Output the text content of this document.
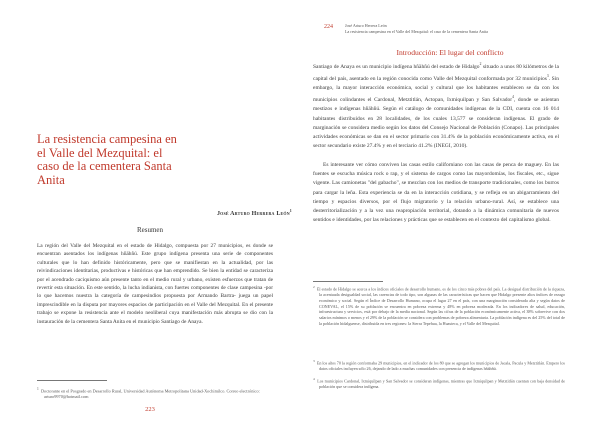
La resistencia campesina en el Valle del Mezquital: el caso de la cementera Santa Anita
José Arturo Herrera León$^1$
Resumen

La región del Valle del Mezquital en el estado de Hidalgo, compuesta por 27 municipios, es donde se encuentran asentados los indígenas hñähñú. Este grupo indígena presenta una serie de componentes culturales que lo han definido históricamente, pero que se manifiestan en la actualidad, por las reivindicaciones identitarias, productivas e históricas que han emprendido. Se bien la entidad se caracteriza por el acendrado caciquismo aún presente tanto en el medio rural y urbano, existen esfuerzos que tratan de revertir esta situación. En este sentido, la lucha indianista, con fuertes componentes de clase campesina -por lo que hacemos nuestra la categoría de campesindios propuesta por Armando Bartra- juega un papel imprescindible en la disputa por mayores espacios de participación en el Valle del Mezquital. En el presente trabajo se expone la resistencia ante el modelo neoliberal cuya manifestación más abrupta se dio con la instauración de la cementera Santa Anita en el municipio Santiago de Anaya.

$^1$ Doctorante en el Posgrado en Desarrollo Rural, Universidad Autónoma Metropolitana Unidad-Xochimilco. Correo electrónico: arturo9970@hotmail.com

223
224	José Arturo Herrera León
La resistencia campesina en el Valle del Mezquital: el caso de la cementera Santa Anita
Introducción: El lugar del conflicto

Santiago de Anaya es un municipio indígena hñähñú del estado de Hidalgo$^2$ situado a unos 80 kilómetros de la capital del país, asentado en la región conocida como Valle del Mezquital conformada por 32 municipios$^3$. Sin embargo, la mayor interacción económica, social y cultural que los habitantes establecen se da con los municipios colindantes el Cardonal, Metztitlán, Actopan, Ixmiquilpan y San Salvador$^4$, donde se asientan mestizos e indígenas hñähñú. Según el catálogo de comunidades indígenas de la CDI, cuenta con 16 014 habitantes distribuidos en 28 localidades, de los cuales 13,577 se consideran indígenas. El grado de marginación se considera medio según los datos del Consejo Nacional de Población (Conapo). Las principales actividades económicas se dan en el sector primario con 31.4% de la población económicamente activa, en el sector secundario existe 27.4% y en el terciario 41.2% (INEGI, 2010).

Es interesante ver cómo conviven las casas estilo californiano con las casas de penca de maguey. En las fuentes se escucha música rock o rap, y el sistema de cargos como las mayordomías, los fiscales, etc., sigue vigente. Las camionetas "del gabacho", se mezclan con los medios de transporte tradicionales, como los burros para cargar la leña. Esta experiencia se da en la interacción cotidiana, y se refleja en un abigarramiento del tiempo y espacios diversos, por el flujo migratorio y la relación urbano-rural. Así, se establece una desterritorialización y a la vez una reapropiación territorial, dotando a la dinámica comunitaria de nuevos sentidos e identidades, por las relaciones y prácticas que se establecen en el contexto del capitalismo global.

$^2$ El estado de Hidalgo se acerca a los índices oficiales de desarrollo humano, es de los cinco más pobres del país. La desigual distribución de la riqueza, la acentuada desigualdad social, las carencias de todo tipo, son algunas de las características que hacen que Hidalgo presente altos índices de rezago económico y social. Según el Índice de Desarrollo Humano, ocupa el lugar 27 en el país, con una marginación considerada alta y según datos de CONEVAL, el 15% de su población se encuentra en pobreza extrema y 48% en pobreza moderada. En los indicadores de salud, educación, infraestructura y servicios, está por debajo de la media nacional. Según las cifras de la población económicamente activa, el 38% sobrevive con dos salarios mínimos o menos y el 29% de la población se considera con problemas de pobreza alimentaria. La población indígena es del 25% del total de la población hidalguense, distribuida en tres regiones: la Sierra Tepehua, la Huasteca, y el Valle del Mezquital.

$^3$ En los años 70 la región conformaba 29 municipios, en el indicador de los 80 que se agregan los municipios de Jacala, Pacula y Metztitlán. Empero los datos oficiales incluyen sólo 26, dejando de lado a muchas comunidades con presencia de indígenas hñähñú.

$^4$ Los municipios Cardonal, Ixmiquilpan y San Salvador se consideran indígenas, mientras que Ixmiquilpan y Metztitlán cuentan con baja densidad de población que se considera indígena.
